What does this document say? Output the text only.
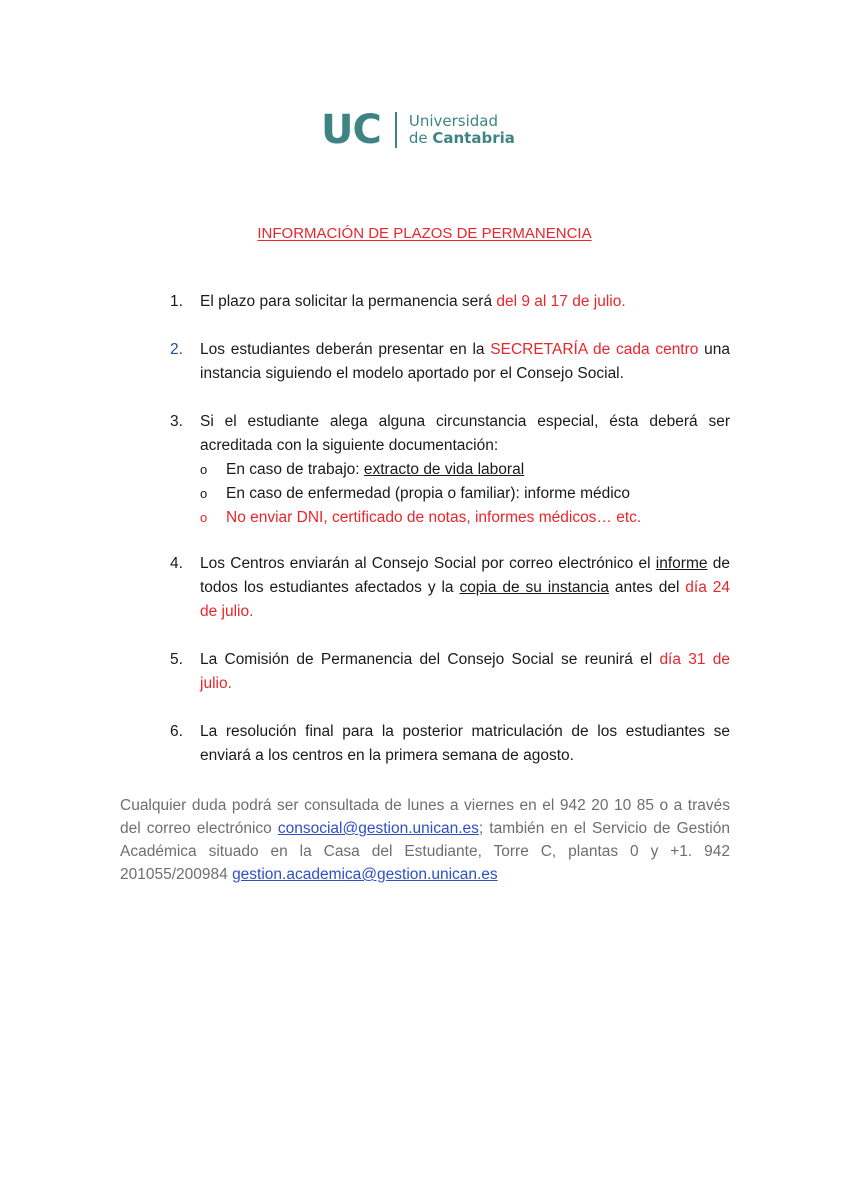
UC Universidad
de Cantabria
INFORMACIÓN DE PLAZOS DE PERMANENCIA
1.	El plazo para solicitar la permanencia será del 9 al 17 de julio.
2.	Los estudiantes deberán presentar en la SECRETARÍA de cada centro una instancia siguiendo el modelo aportado por el Consejo Social.
3.	Si el estudiante alega alguna circunstancia especial, ésta deberá ser acreditada con la siguiente documentación:
o	En caso de trabajo: extracto de vida laboral
o	En caso de enfermedad (propia o familiar): informe médico
o	No enviar DNI, certificado de notas, informes médicos… etc.
4.	Los Centros enviarán al Consejo Social por correo electrónico el informe de todos los estudiantes afectados y la copia de su instancia antes del día 24 de julio.
5.	La Comisión de Permanencia del Consejo Social se reunirá el día 31 de julio.
6.	La resolución final para la posterior matriculación de los estudiantes se enviará a los centros en la primera semana de agosto.
Cualquier duda podrá ser consultada de lunes a viernes en el 942 20 10 85 o a través del correo electrónico consocial@gestion.unican.es; también en el Servicio de Gestión Académica situado en la Casa del Estudiante, Torre C, plantas 0 y +1. 942 201055/200984 gestion.academica@gestion.unican.es
